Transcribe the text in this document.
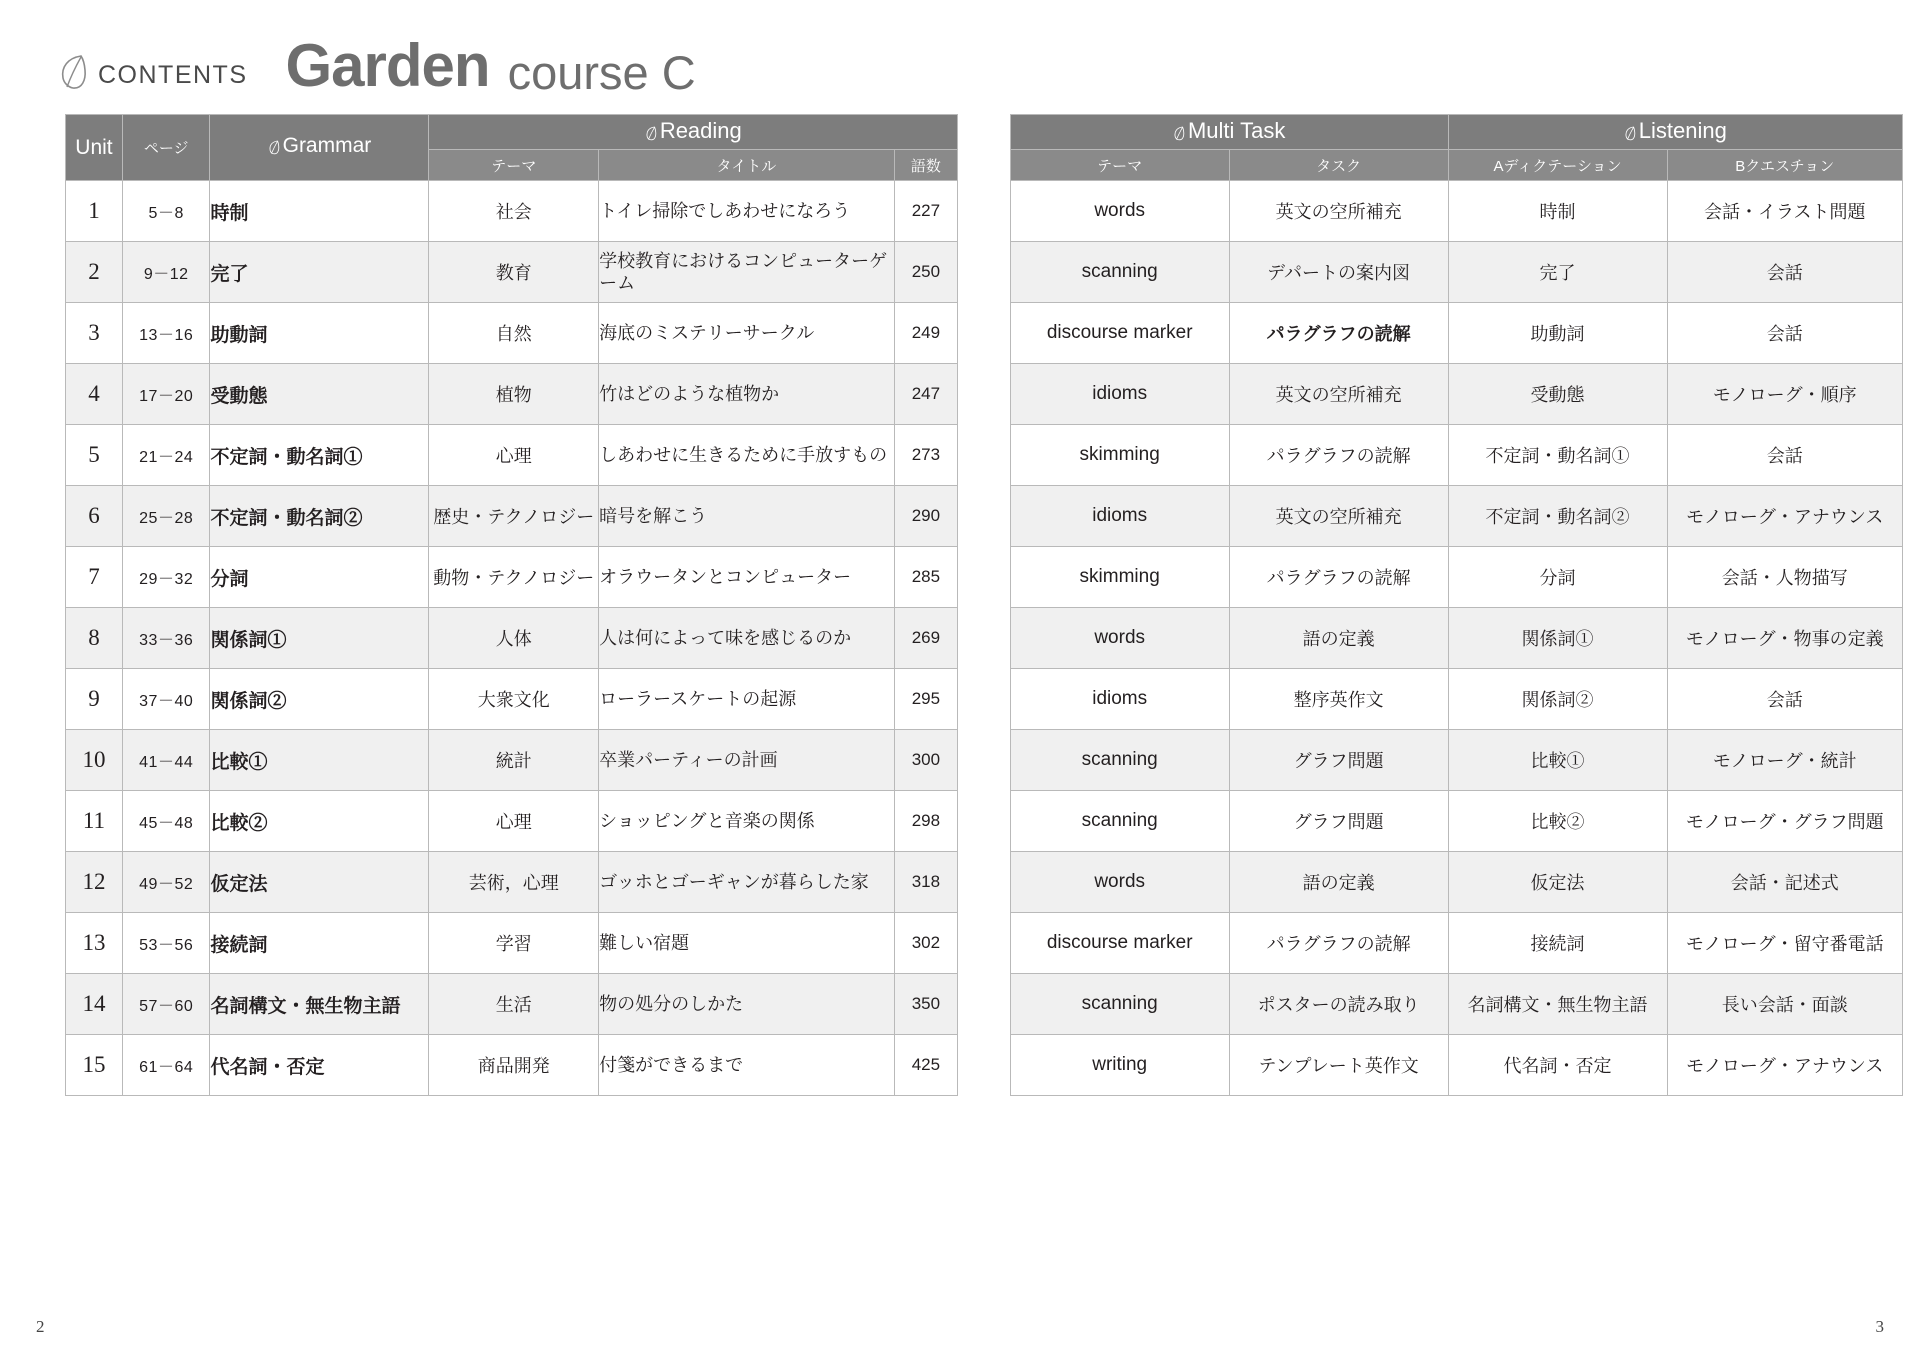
CONTENTS Garden course C
Unit	ページ	Grammar	Reading				Multi Task		Listening	
			テーマ	タイトル	語数		テーマ	タスク	Aディクテーション	Bクエスチョン
1	5－8	時制	社会	トイレ掃除でしあわせになろう	227		words	英文の空所補充	時制	会話・イラスト問題
2	9－12	完了	教育	学校教育におけるコンピューターゲーム	250		scanning	デパートの案内図	完了	会話
3	13－16	助動詞	自然	海底のミステリーサークル	249		discourse marker	パラグラフの読解	助動詞	会話
4	17－20	受動態	植物	竹はどのような植物か	247		idioms	英文の空所補充	受動態	モノローグ・順序
5	21－24	不定詞・動名詞①	心理	しあわせに生きるために手放すもの	273		skimming	パラグラフの読解	不定詞・動名詞①	会話
6	25－28	不定詞・動名詞②	歴史・テクノロジー	暗号を解こう	290		idioms	英文の空所補充	不定詞・動名詞②	モノローグ・アナウンス
7	29－32	分詞	動物・テクノロジー	オラウータンとコンピューター	285		skimming	パラグラフの読解	分詞	会話・人物描写
8	33－36	関係詞①	人体	人は何によって味を感じるのか	269		words	語の定義	関係詞①	モノローグ・物事の定義
9	37－40	関係詞②	大衆文化	ローラースケートの起源	295		idioms	整序英作文	関係詞②	会話
10	41－44	比較①	統計	卒業パーティーの計画	300		scanning	グラフ問題	比較①	モノローグ・統計
11	45－48	比較②	心理	ショッピングと音楽の関係	298		scanning	グラフ問題	比較②	モノローグ・グラフ問題
12	49－52	仮定法	芸術，心理	ゴッホとゴーギャンが暮らした家	318		words	語の定義	仮定法	会話・記述式
13	53－56	接続詞	学習	難しい宿題	302		discourse marker	パラグラフの読解	接続詞	モノローグ・留守番電話
14	57－60	名詞構文・無生物主語	生活	物の処分のしかた	350		scanning	ポスターの読み取り	名詞構文・無生物主語	長い会話・面談
15	61－64	代名詞・否定	商品開発	付箋ができるまで	425		writing	テンプレート英作文	代名詞・否定	モノローグ・アナウンス
2	3
